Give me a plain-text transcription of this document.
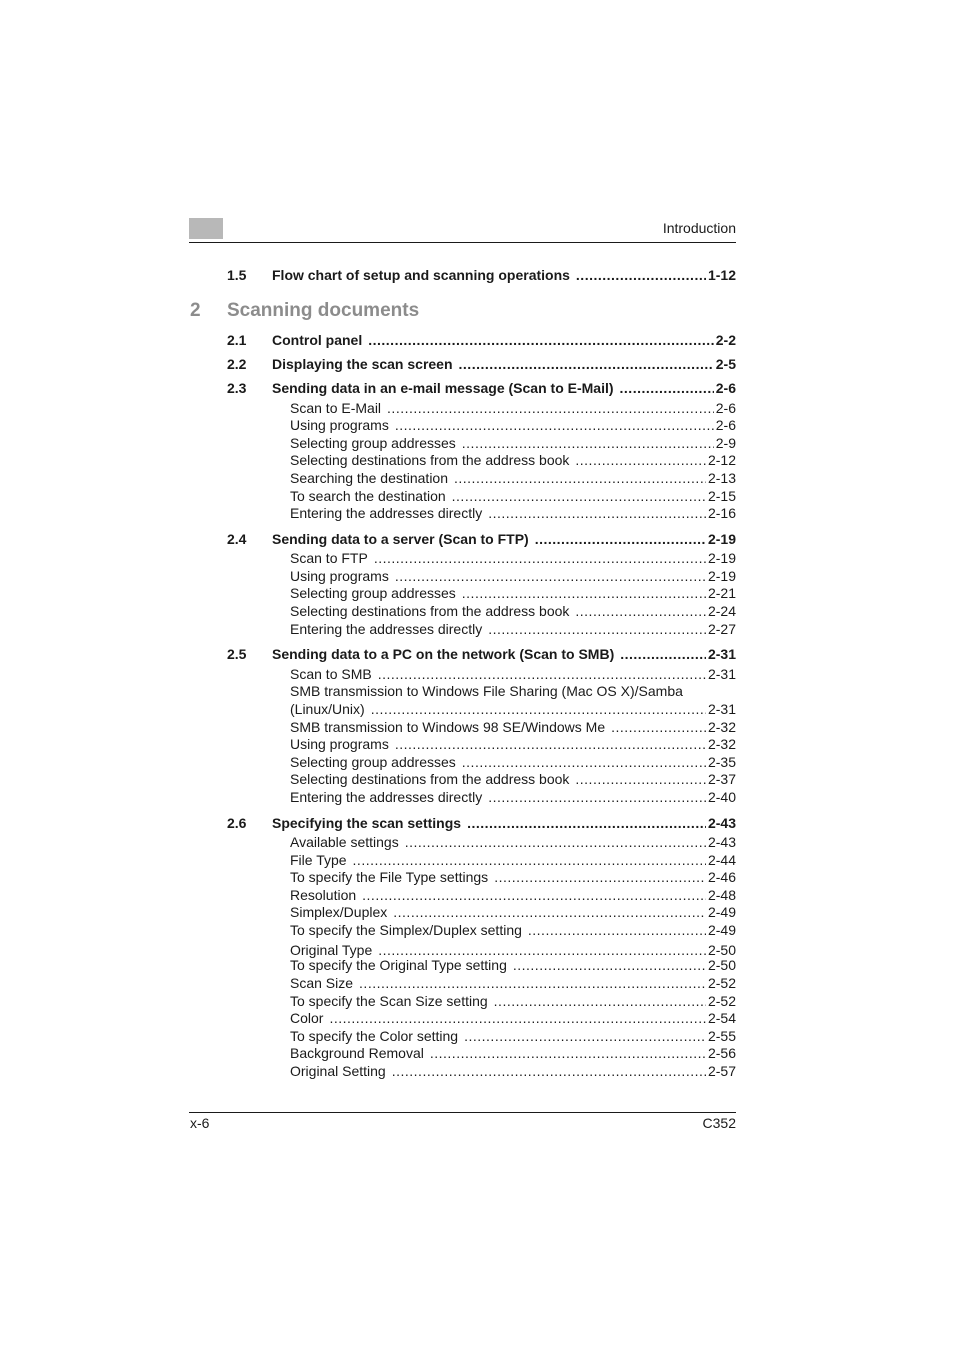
Introduction
2 Scanning documents
1.5	Flow chart of setup and scanning operations .....	1-12
2.1	Control panel .....	2-2
2.2	Displaying the scan screen .....	2-5
2.3	Sending data in an e-mail message (Scan to E-Mail) .....	2-6
Scan to E-Mail .....	2-6
Using programs .....	2-6
Selecting group addresses .....	2-9
Selecting destinations from the address book .....	2-12
Searching the destination .....	2-13
To search the destination .....	2-15
Entering the addresses directly .....	2-16
2.4	Sending data to a server (Scan to FTP) .....	2-19
Scan to FTP .....	2-19
Using programs .....	2-19
Selecting group addresses .....	2-21
Selecting destinations from the address book .....	2-24
Entering the addresses directly .....	2-27
2.5	Sending data to a PC on the network (Scan to SMB) .....	2-31
Scan to SMB .....	2-31
SMB transmission to Windows File Sharing (Mac OS X)/Samba
(Linux/Unix) .....	2-31
SMB transmission to Windows 98 SE/Windows Me .....	2-32
Using programs .....	2-32
Selecting group addresses .....	2-35
Selecting destinations from the address book .....	2-37
Entering the addresses directly .....	2-40
2.6	Specifying the scan settings .....	2-43
Available settings .....	2-43
File Type .....	2-44
To specify the File Type settings .....	2-46
Resolution .....	2-48
Simplex/Duplex .....	2-49
To specify the Simplex/Duplex setting .....	2-49
Original Type .....	2-50
To specify the Original Type setting .....	2-50
Scan Size .....	2-52
To specify the Scan Size setting .....	2-52
Color .....	2-54
To specify the Color setting .....	2-55
Background Removal .....	2-56
Original Setting .....	2-57
x-6	C352
